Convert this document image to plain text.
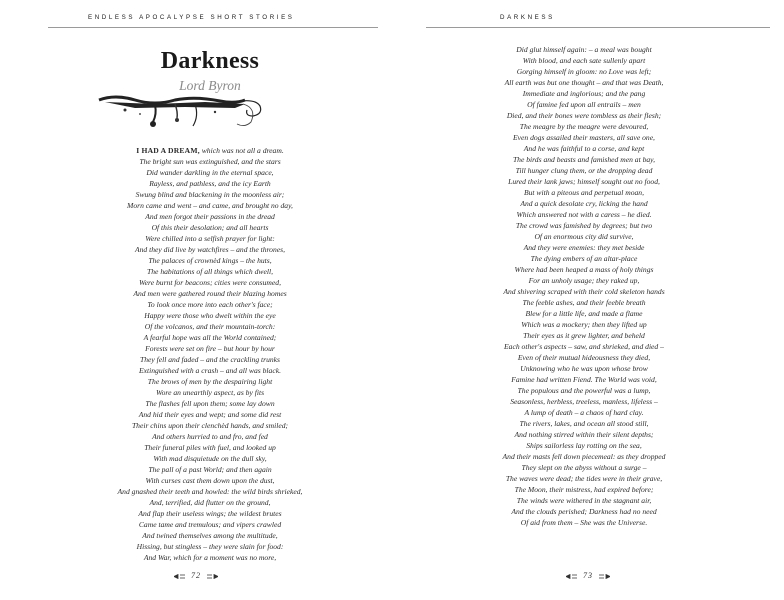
ENDLESS APOCALYPSE SHORT STORIES
Darkness
Lord Byron
I HAD A DREAM, which was not all a dream.
The bright sun was extinguished, and the stars
Did wander darkling in the eternal space,
Rayless, and pathless, and the icy Earth
Swung blind and blackening in the moonless air;
Morn came and went – and came, and brought no day,
And men forgot their passions in the dread
Of this their desolation; and all hearts
Were chilled into a selfish prayer for light:
And they did live by watchfires – and the thrones,
The palaces of crownèd kings – the huts,
The habitations of all things which dwell,
Were burnt for beacons; cities were consumed,
And men were gathered round their blazing homes
To look once more into each other's face;
Happy were those who dwelt within the eye
Of the volcanos, and their mountain-torch:
A fearful hope was all the World contained;
Forests were set on fire – but hour by hour
They fell and faded – and the crackling trunks
Extinguished with a crash – and all was black.
The brows of men by the despairing light
Wore an unearthly aspect, as by fits
The flashes fell upon them; some lay down
And hid their eyes and wept; and some did rest
Their chins upon their clenchèd hands, and smiled;
And others hurried to and fro, and fed
Their funeral piles with fuel, and looked up
With mad disquietude on the dull sky,
The pall of a past World; and then again
With curses cast them down upon the dust,
And gnashed their teeth and howled: the wild birds shrieked,
And, terrified, did flutter on the ground,
And flap their useless wings; the wildest brutes
Came tame and tremulous; and vipers crawled
And twined themselves among the multitude,
Hissing, but stingless – they were slain for food:
And War, which for a moment was no more,
72
DARKNESS
Did glut himself again: – a meal was bought
With blood, and each sate sullenly apart
Gorging himself in gloom: no Love was left;
All earth was but one thought – and that was Death,
Immediate and inglorious; and the pang
Of famine fed upon all entrails – men
Died, and their bones were tombless as their flesh;
The meagre by the meagre were devoured,
Even dogs assailed their masters, all save one,
And he was faithful to a corse, and kept
The birds and beasts and famished men at bay,
Till hunger clung them, or the dropping dead
Lured their lank jaws; himself sought out no food,
But with a piteous and perpetual moan,
And a quick desolate cry, licking the hand
Which answered not with a caress – he died.
The crowd was famished by degrees; but two
Of an enormous city did survive,
And they were enemies: they met beside
The dying embers of an altar-place
Where had been heaped a mass of holy things
For an unholy usage; they raked up,
And shivering scraped with their cold skeleton hands
The feeble ashes, and their feeble breath
Blew for a little life, and made a flame
Which was a mockery; then they lifted up
Their eyes as it grew lighter, and beheld
Each other's aspects – saw, and shrieked, and died –
Even of their mutual hideousness they died,
Unknowing who he was upon whose brow
Famine had written Fiend. The World was void,
The populous and the powerful was a lump,
Seasonless, herbless, treeless, manless, lifeless –
A lump of death – a chaos of hard clay.
The rivers, lakes, and ocean all stood still,
And nothing stirred within their silent depths;
Ships sailorless lay rotting on the sea,
And their masts fell down piecemeal: as they dropped
They slept on the abyss without a surge –
The waves were dead; the tides were in their grave,
The Moon, their mistress, had expired before;
The winds were withered in the stagnant air,
And the clouds perished; Darkness had no need
Of aid from them – She was the Universe.
73
